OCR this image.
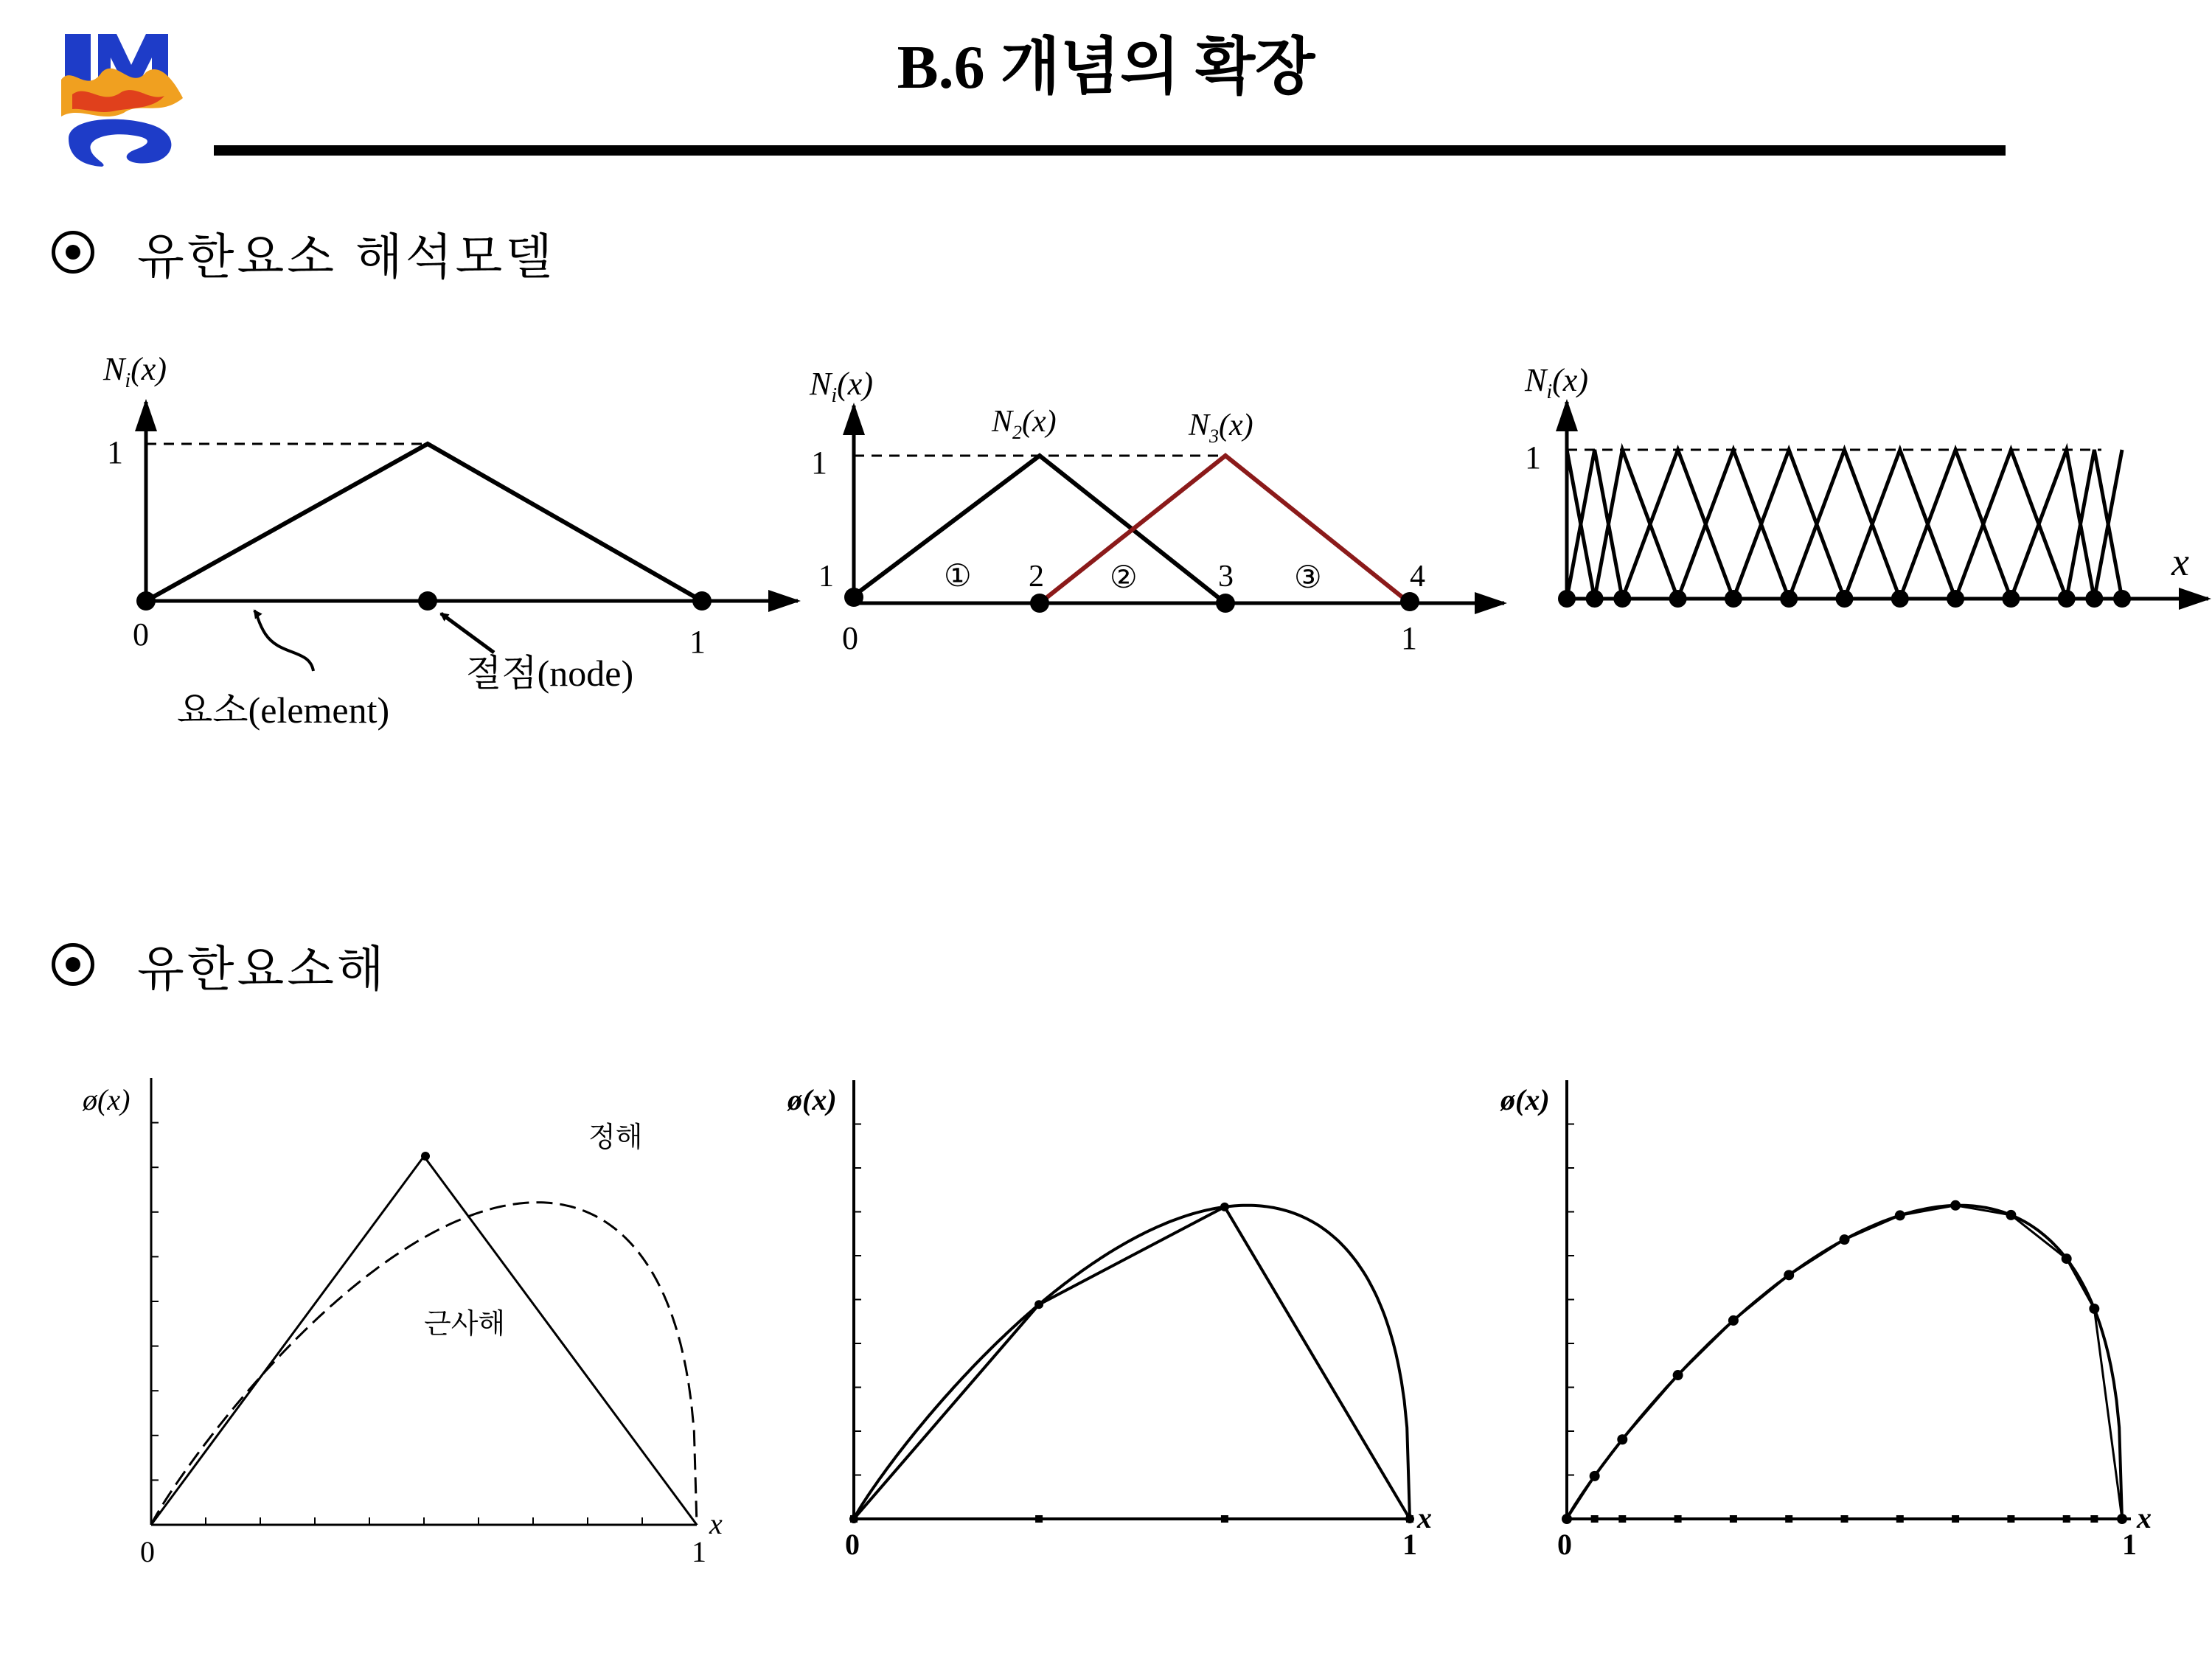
B.6 개념의 확장
유한요소 해석모델
유한요소해
$N_i(x)$
1
0	1
요소(element)
절점(node)
$N_i(x)$
$N_2(x)$	$N_3(x)$
1
0	1
1	2	3	4
①	②	③
$N_i(x)$
1
x
ø(x)
x
0	1
정해
근사해
ø(x)
x
0	1
ø(x)
x
0	1
